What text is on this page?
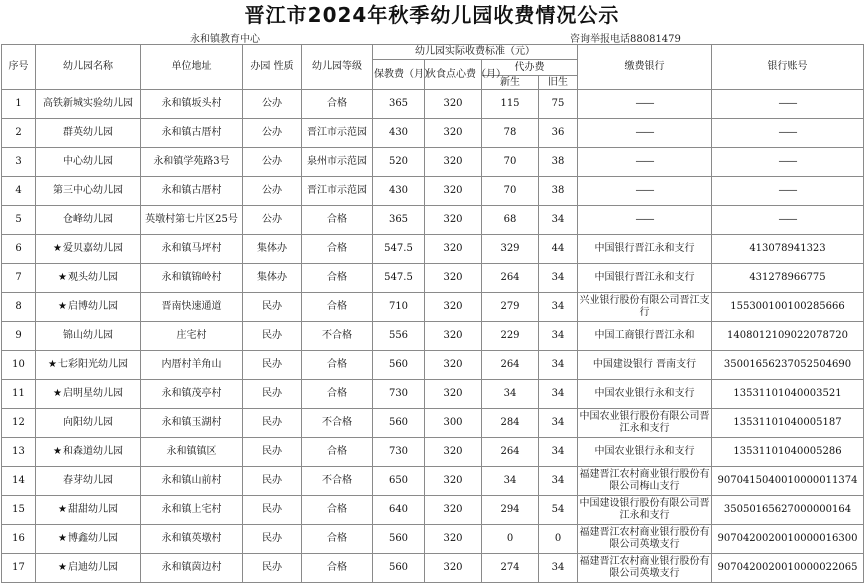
晋江市2024年秋季幼儿园收费情况公示
永和镇教育中心	咨询举报电话88081479
序号	幼儿园名称	单位地址	办园 性质	幼儿园等级	幼儿园实际收费标准（元）				缴费银行	银行账号
					保教费（月）	伙食点心费（月）	代办费			
							新生	旧生		
1	高铁新城实验幼儿园	永和镇坂头村	公办	合格	365	320	115	75	——	——
2	群英幼儿园	永和镇古厝村	公办	晋江市示范园	430	320	78	36	——	——
3	中心幼儿园	永和镇学苑路3号	公办	泉州市示范园	520	320	70	38	——	——
4	第三中心幼儿园	永和镇古厝村	公办	晋江市示范园	430	320	70	38	——	——
5	仓峰幼儿园	英墩村第七片区25号	公办	合格	365	320	68	34	——	——
6	★爱贝嘉幼儿园	永和镇马坪村	集体办	合格	547.5	320	329	44	中国银行晋江永和支行	413078941323
7	★观头幼儿园	永和镇锦岭村	集体办	合格	547.5	320	264	34	中国银行晋江永和支行	431278966775
8	★启博幼儿园	晋南快速通道	民办	合格	710	320	279	34	兴业银行股份有限公司晋江支行	155300100100285666
9	锦山幼儿园	庄宅村	民办	不合格	556	320	229	34	中国工商银行晋江永和	1408012109022078720
10	★七彩阳光幼儿园	内厝村羊角山	民办	合格	560	320	264	34	中国建设银行 晋南支行	35001656237052504690
11	★启明星幼儿园	永和镇茂亭村	民办	合格	730	320	34	34	中国农业银行永和支行	13531101040003521
12	向阳幼儿园	永和镇玉湖村	民办	不合格	560	300	284	34	中国农业银行股份有限公司晋江永和支行	13531101040005187
13	★和森道幼儿园	永和镇镇区	民办	合格	730	320	264	34	中国农业银行永和支行	13531101040005286
14	春芽幼儿园	永和镇山前村	民办	不合格	650	320	34	34	福建晋江农村商业银行股份有限公司梅山支行	9070415040010000011374
15	★甜甜幼儿园	永和镇上宅村	民办	合格	640	320	294	54	中国建设银行股份有限公司晋江永和支行	35050165627000000164
16	★博鑫幼儿园	永和镇英墩村	民办	合格	560	320	0	0	福建晋江农村商业银行股份有限公司英墩支行	9070420020010000016300
17	★启迪幼儿园	永和镇茵边村	民办	合格	560	320	274	34	福建晋江农村商业银行股份有限公司英墩支行	9070420020010000022065
